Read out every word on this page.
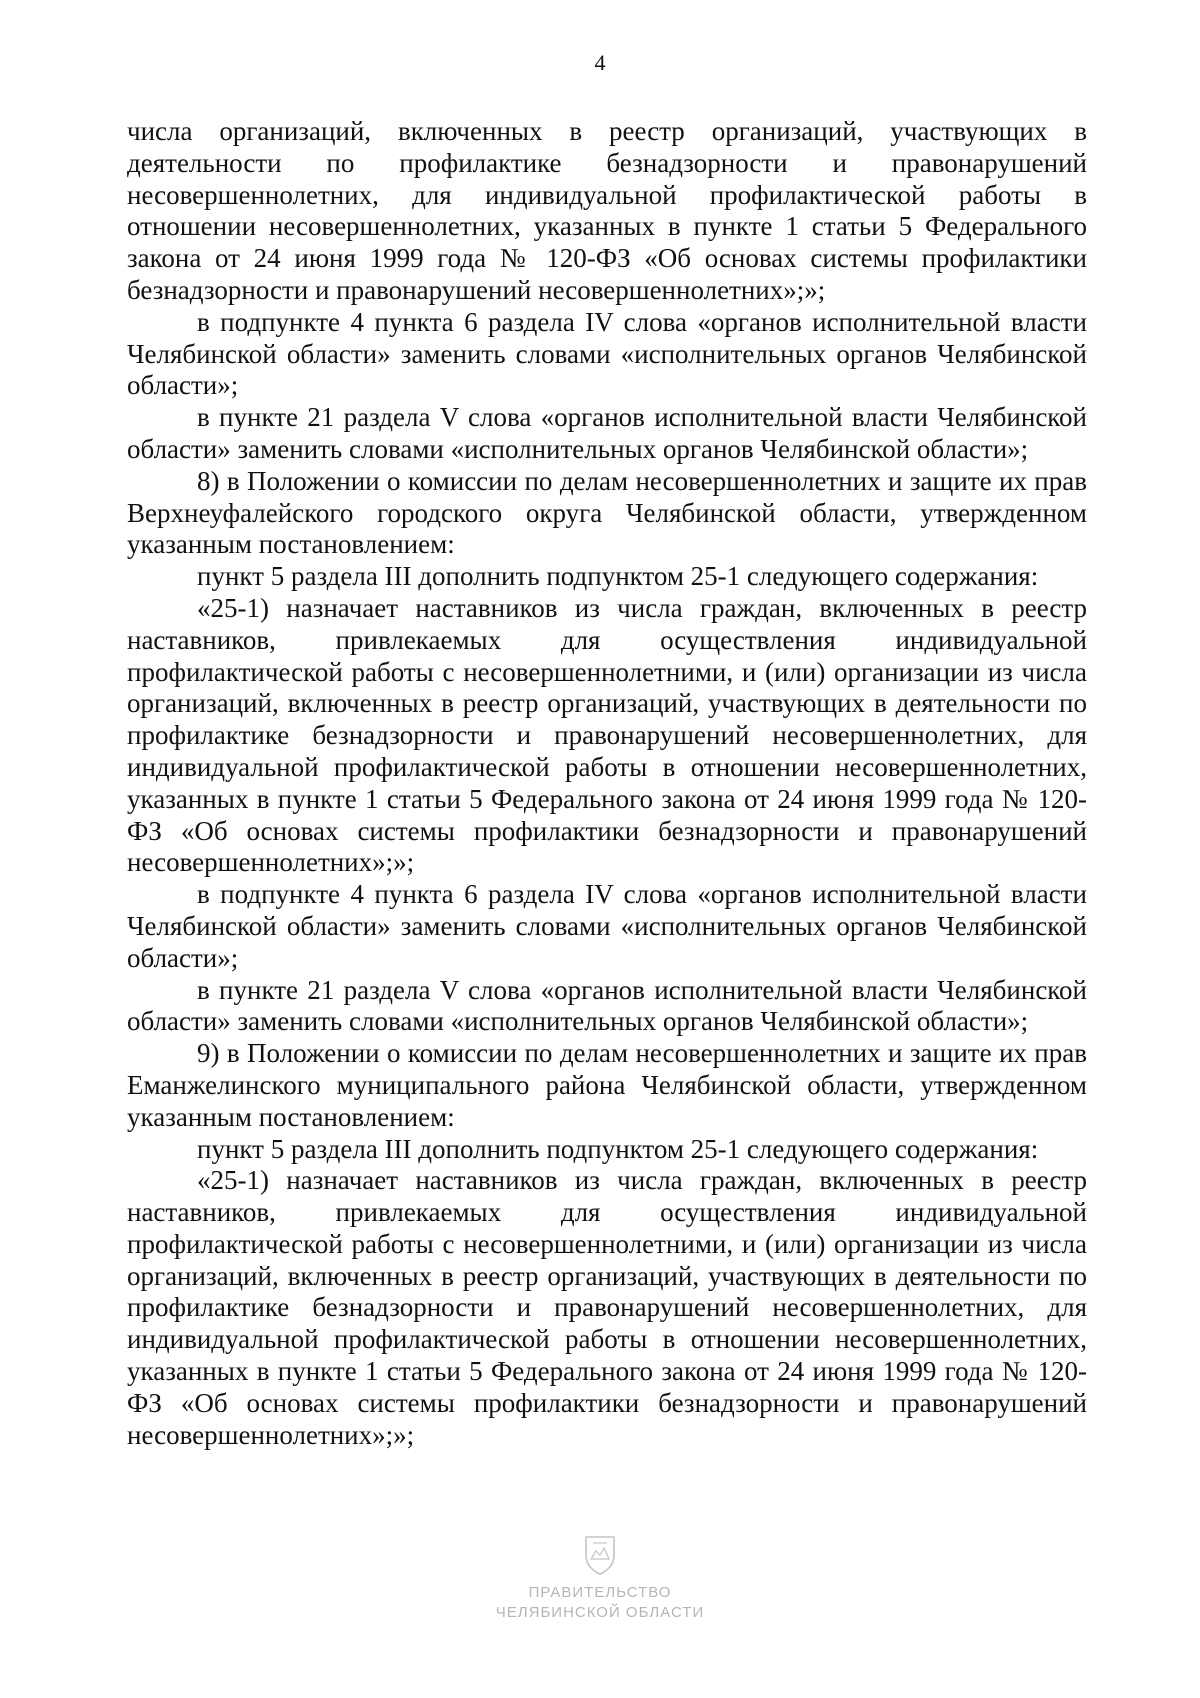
4

числа организаций, включенных в реестр организаций, участвующих в деятельности по профилактике безнадзорности и правонарушений несовершеннолетних, для индивидуальной профилактической работы в отношении несовершеннолетних, указанных в пункте 1 статьи 5 Федерального закона от 24 июня 1999 года № 120-ФЗ «Об основах системы профилактики безнадзорности и правонарушений несовершеннолетних»;»;

в подпункте 4 пункта 6 раздела IV слова «органов исполнительной власти Челябинской области» заменить словами «исполнительных органов Челябинской области»;

в пункте 21 раздела V слова «органов исполнительной власти Челябинской области» заменить словами «исполнительных органов Челябинской области»;

8) в Положении о комиссии по делам несовершеннолетних и защите их прав Верхнеуфалейского городского округа Челябинской области, утвержденном указанным постановлением:

пункт 5 раздела III дополнить подпунктом 25-1 следующего содержания:

«25-1) назначает наставников из числа граждан, включенных в реестр наставников, привлекаемых для осуществления индивидуальной профилактической работы с несовершеннолетними, и (или) организации из числа организаций, включенных в реестр организаций, участвующих в деятельности по профилактике безнадзорности и правонарушений несовершеннолетних, для индивидуальной профилактической работы в отношении несовершеннолетних, указанных в пункте 1 статьи 5 Федерального закона от 24 июня 1999 года № 120-ФЗ «Об основах системы профилактики безнадзорности и правонарушений несовершеннолетних»;»;

в подпункте 4 пункта 6 раздела IV слова «органов исполнительной власти Челябинской области» заменить словами «исполнительных органов Челябинской области»;

в пункте 21 раздела V слова «органов исполнительной власти Челябинской области» заменить словами «исполнительных органов Челябинской области»;

9) в Положении о комиссии по делам несовершеннолетних и защите их прав Еманжелинского муниципального района Челябинской области, утвержденном указанным постановлением:

пункт 5 раздела III дополнить подпунктом 25-1 следующего содержания:

«25-1) назначает наставников из числа граждан, включенных в реестр наставников, привлекаемых для осуществления индивидуальной профилактической работы с несовершеннолетними, и (или) организации из числа организаций, включенных в реестр организаций, участвующих в деятельности по профилактике безнадзорности и правонарушений несовершеннолетних, для индивидуальной профилактической работы в отношении несовершеннолетних, указанных в пункте 1 статьи 5 Федерального закона от 24 июня 1999 года № 120-ФЗ «Об основах системы профилактики безнадзорности и правонарушений несовершеннолетних»;»;

ПРАВИТЕЛЬСТВО
ЧЕЛЯБИНСКОЙ ОБЛАСТИ
